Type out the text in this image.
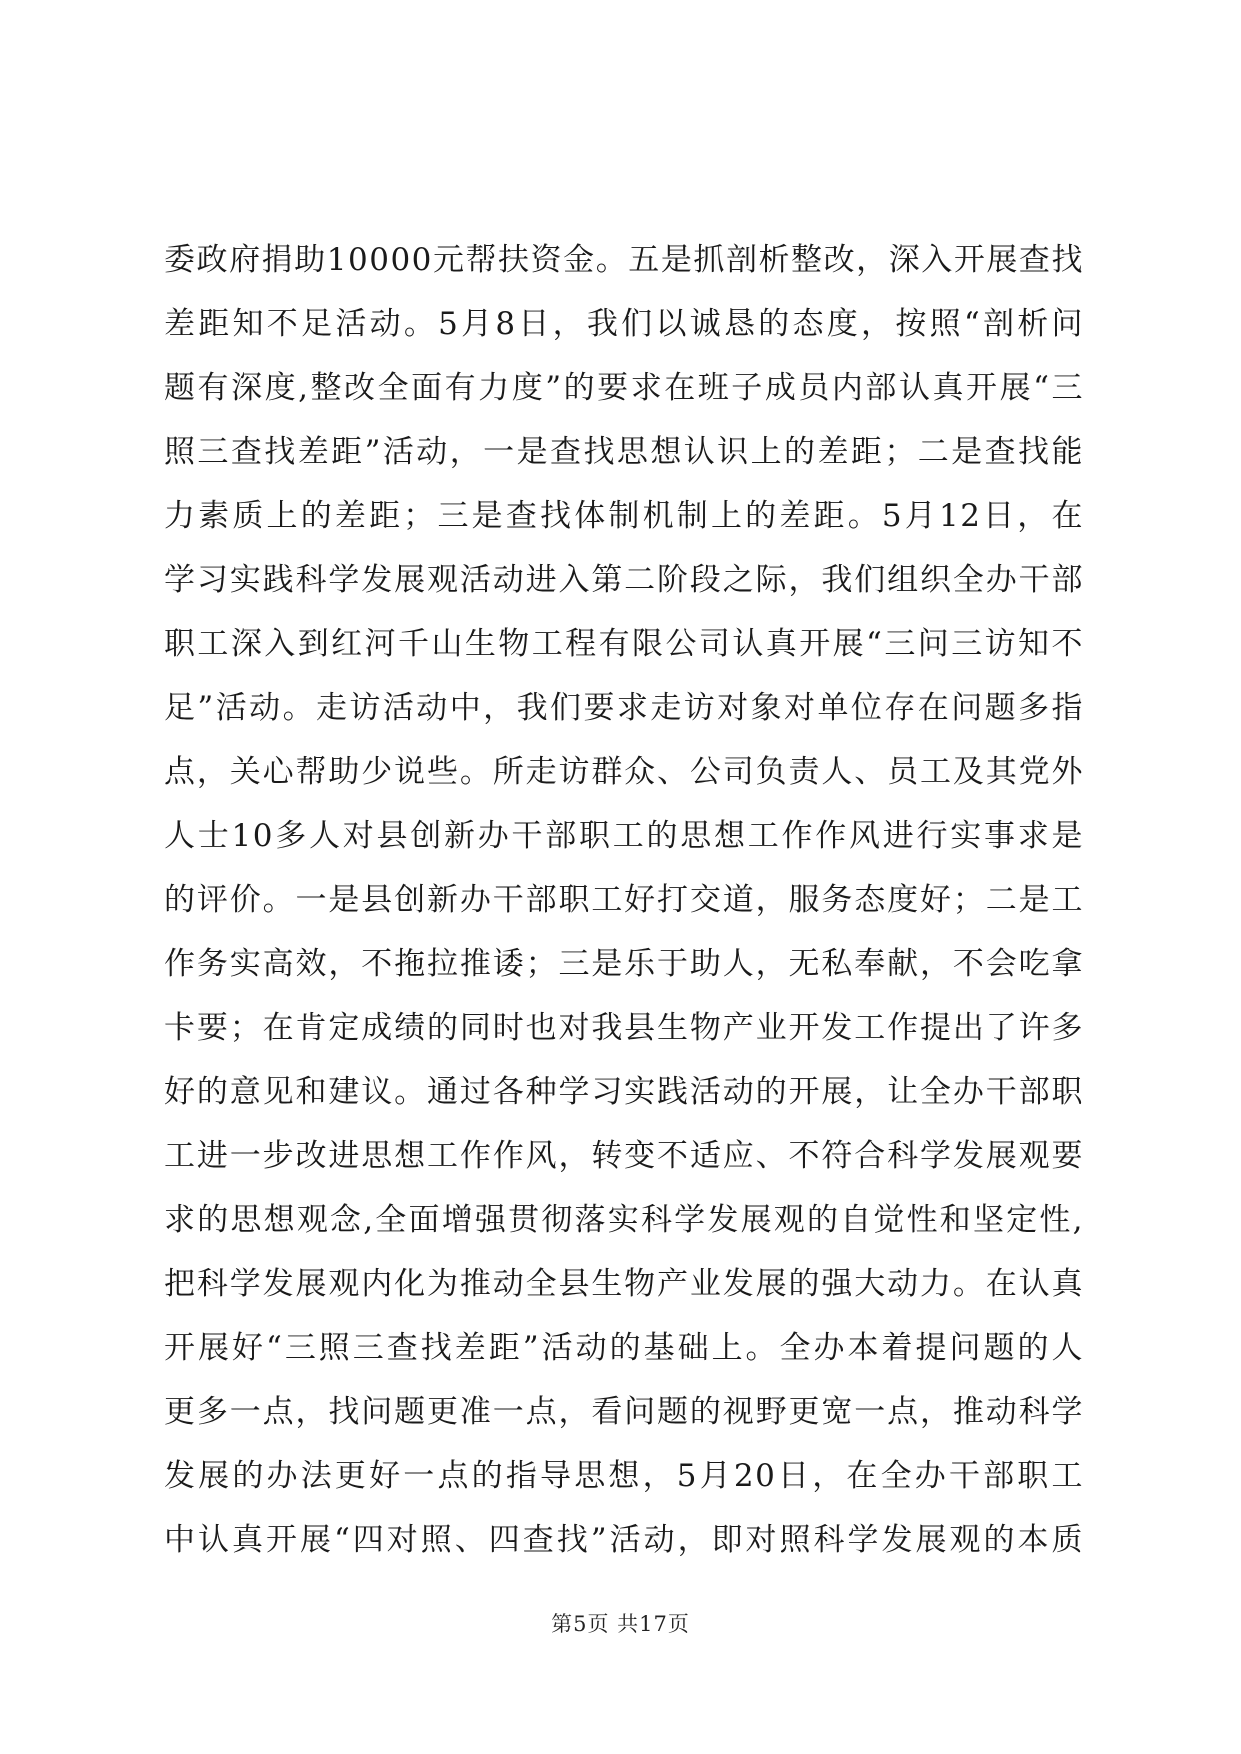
委政府捐助10000元帮扶资金。五是抓剖析整改，深入开展查找
差距知不足活动。5月8日，我们以诚恳的态度，按照“剖析问
题有深度,整改全面有力度”的要求在班子成员内部认真开展“三
照三查找差距”活动，一是查找思想认识上的差距；二是查找能
力素质上的差距；三是查找体制机制上的差距。5月12日，在
学习实践科学发展观活动进入第二阶段之际，我们组织全办干部
职工深入到红河千山生物工程有限公司认真开展“三问三访知不
足”活动。走访活动中，我们要求走访对象对单位存在问题多指
点，关心帮助少说些。所走访群众、公司负责人、员工及其党外
人士10多人对县创新办干部职工的思想工作作风进行实事求是
的评价。一是县创新办干部职工好打交道，服务态度好；二是工
作务实高效，不拖拉推诿；三是乐于助人，无私奉献，不会吃拿
卡要；在肯定成绩的同时也对我县生物产业开发工作提出了许多
好的意见和建议。通过各种学习实践活动的开展，让全办干部职
工进一步改进思想工作作风，转变不适应、不符合科学发展观要
求的思想观念,全面增强贯彻落实科学发展观的自觉性和坚定性,
把科学发展观内化为推动全县生物产业发展的强大动力。在认真
开展好“三照三查找差距”活动的基础上。全办本着提问题的人
更多一点，找问题更准一点，看问题的视野更宽一点，推动科学
发展的办法更好一点的指导思想，5月20日，在全办干部职工
中认真开展“四对照、四查找”活动，即对照科学发展观的本质
第5页 共17页
